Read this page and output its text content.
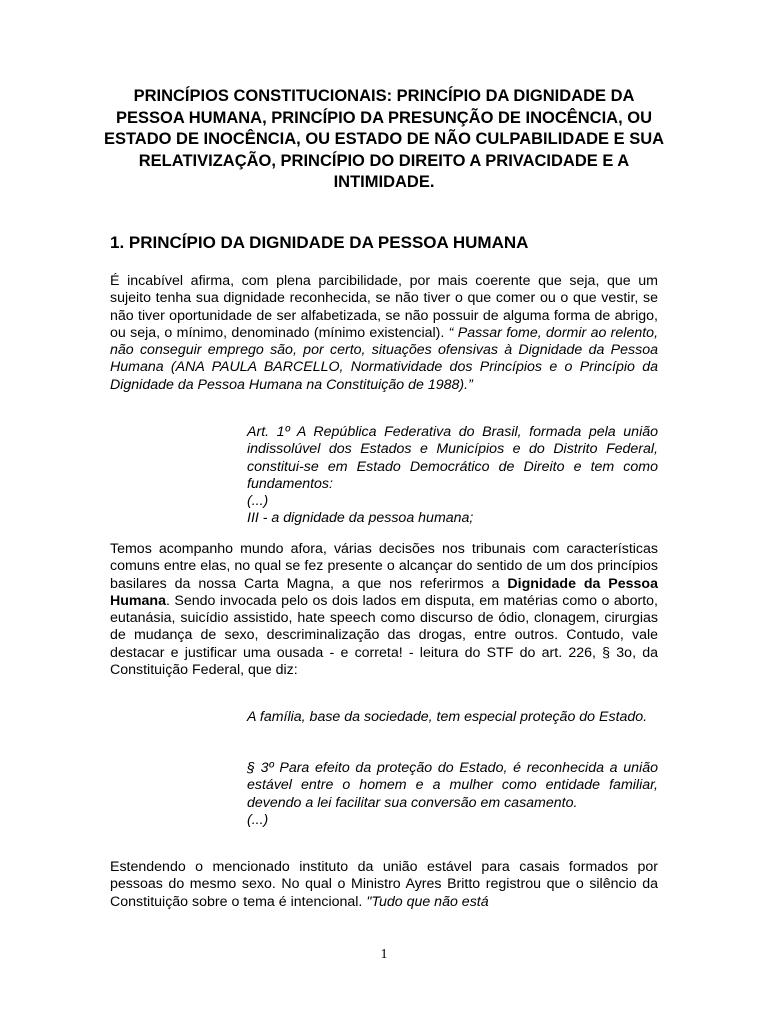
PRINCÍPIOS CONSTITUCIONAIS: PRINCÍPIO DA DIGNIDADE DA PESSOA HUMANA, PRINCÍPIO DA PRESUNÇÃO DE INOCÊNCIA, OU ESTADO DE INOCÊNCIA, OU ESTADO DE NÃO CULPABILIDADE E SUA RELATIVIZAÇÃO, PRINCÍPIO DO DIREITO A PRIVACIDADE E A INTIMIDADE.
1. PRINCÍPIO DA DIGNIDADE DA PESSOA HUMANA

É incabível afirma, com plena parcibilidade, por mais coerente que seja, que um sujeito tenha sua dignidade reconhecida, se não tiver o que comer ou o que vestir, se não tiver oportunidade de ser alfabetizada, se não possuir de alguma forma de abrigo, ou seja, o mínimo, denominado (mínimo existencial). “ Passar fome, dormir ao relento, não conseguir emprego são, por certo, situações ofensivas à Dignidade da Pessoa Humana (ANA PAULA BARCELLO, Normatividade dos Princípios e o Princípio da Dignidade da Pessoa Humana na Constituição de 1988).”

Art. 1º A República Federativa do Brasil, formada pela união indissolúvel dos Estados e Municípios e do Distrito Federal, constitui-se em Estado Democrático de Direito e tem como fundamentos:
(...)
III - a dignidade da pessoa humana;

Temos acompanho mundo afora, várias decisões nos tribunais com características comuns entre elas, no qual se fez presente o alcançar do sentido de um dos princípios basilares da nossa Carta Magna, a que nos referirmos a Dignidade da Pessoa Humana. Sendo invocada pelo os dois lados em disputa, em matérias como o aborto, eutanásia, suicídio assistido, hate speech como discurso de ódio, clonagem, cirurgias de mudança de sexo, descriminalização das drogas, entre outros. Contudo, vale destacar e justificar uma ousada - e correta! - leitura do STF do art. 226, § 3o, da Constituição Federal, que diz:

A família, base da sociedade, tem especial proteção do Estado.
§ 3º Para efeito da proteção do Estado, é reconhecida a união estável entre o homem e a mulher como entidade familiar, devendo a lei facilitar sua conversão em casamento.
(...)

Estendendo o mencionado instituto da união estável para casais formados por pessoas do mesmo sexo. No qual o Ministro Ayres Britto registrou que o silêncio da Constituição sobre o tema é intencional. "Tudo que não está

1
